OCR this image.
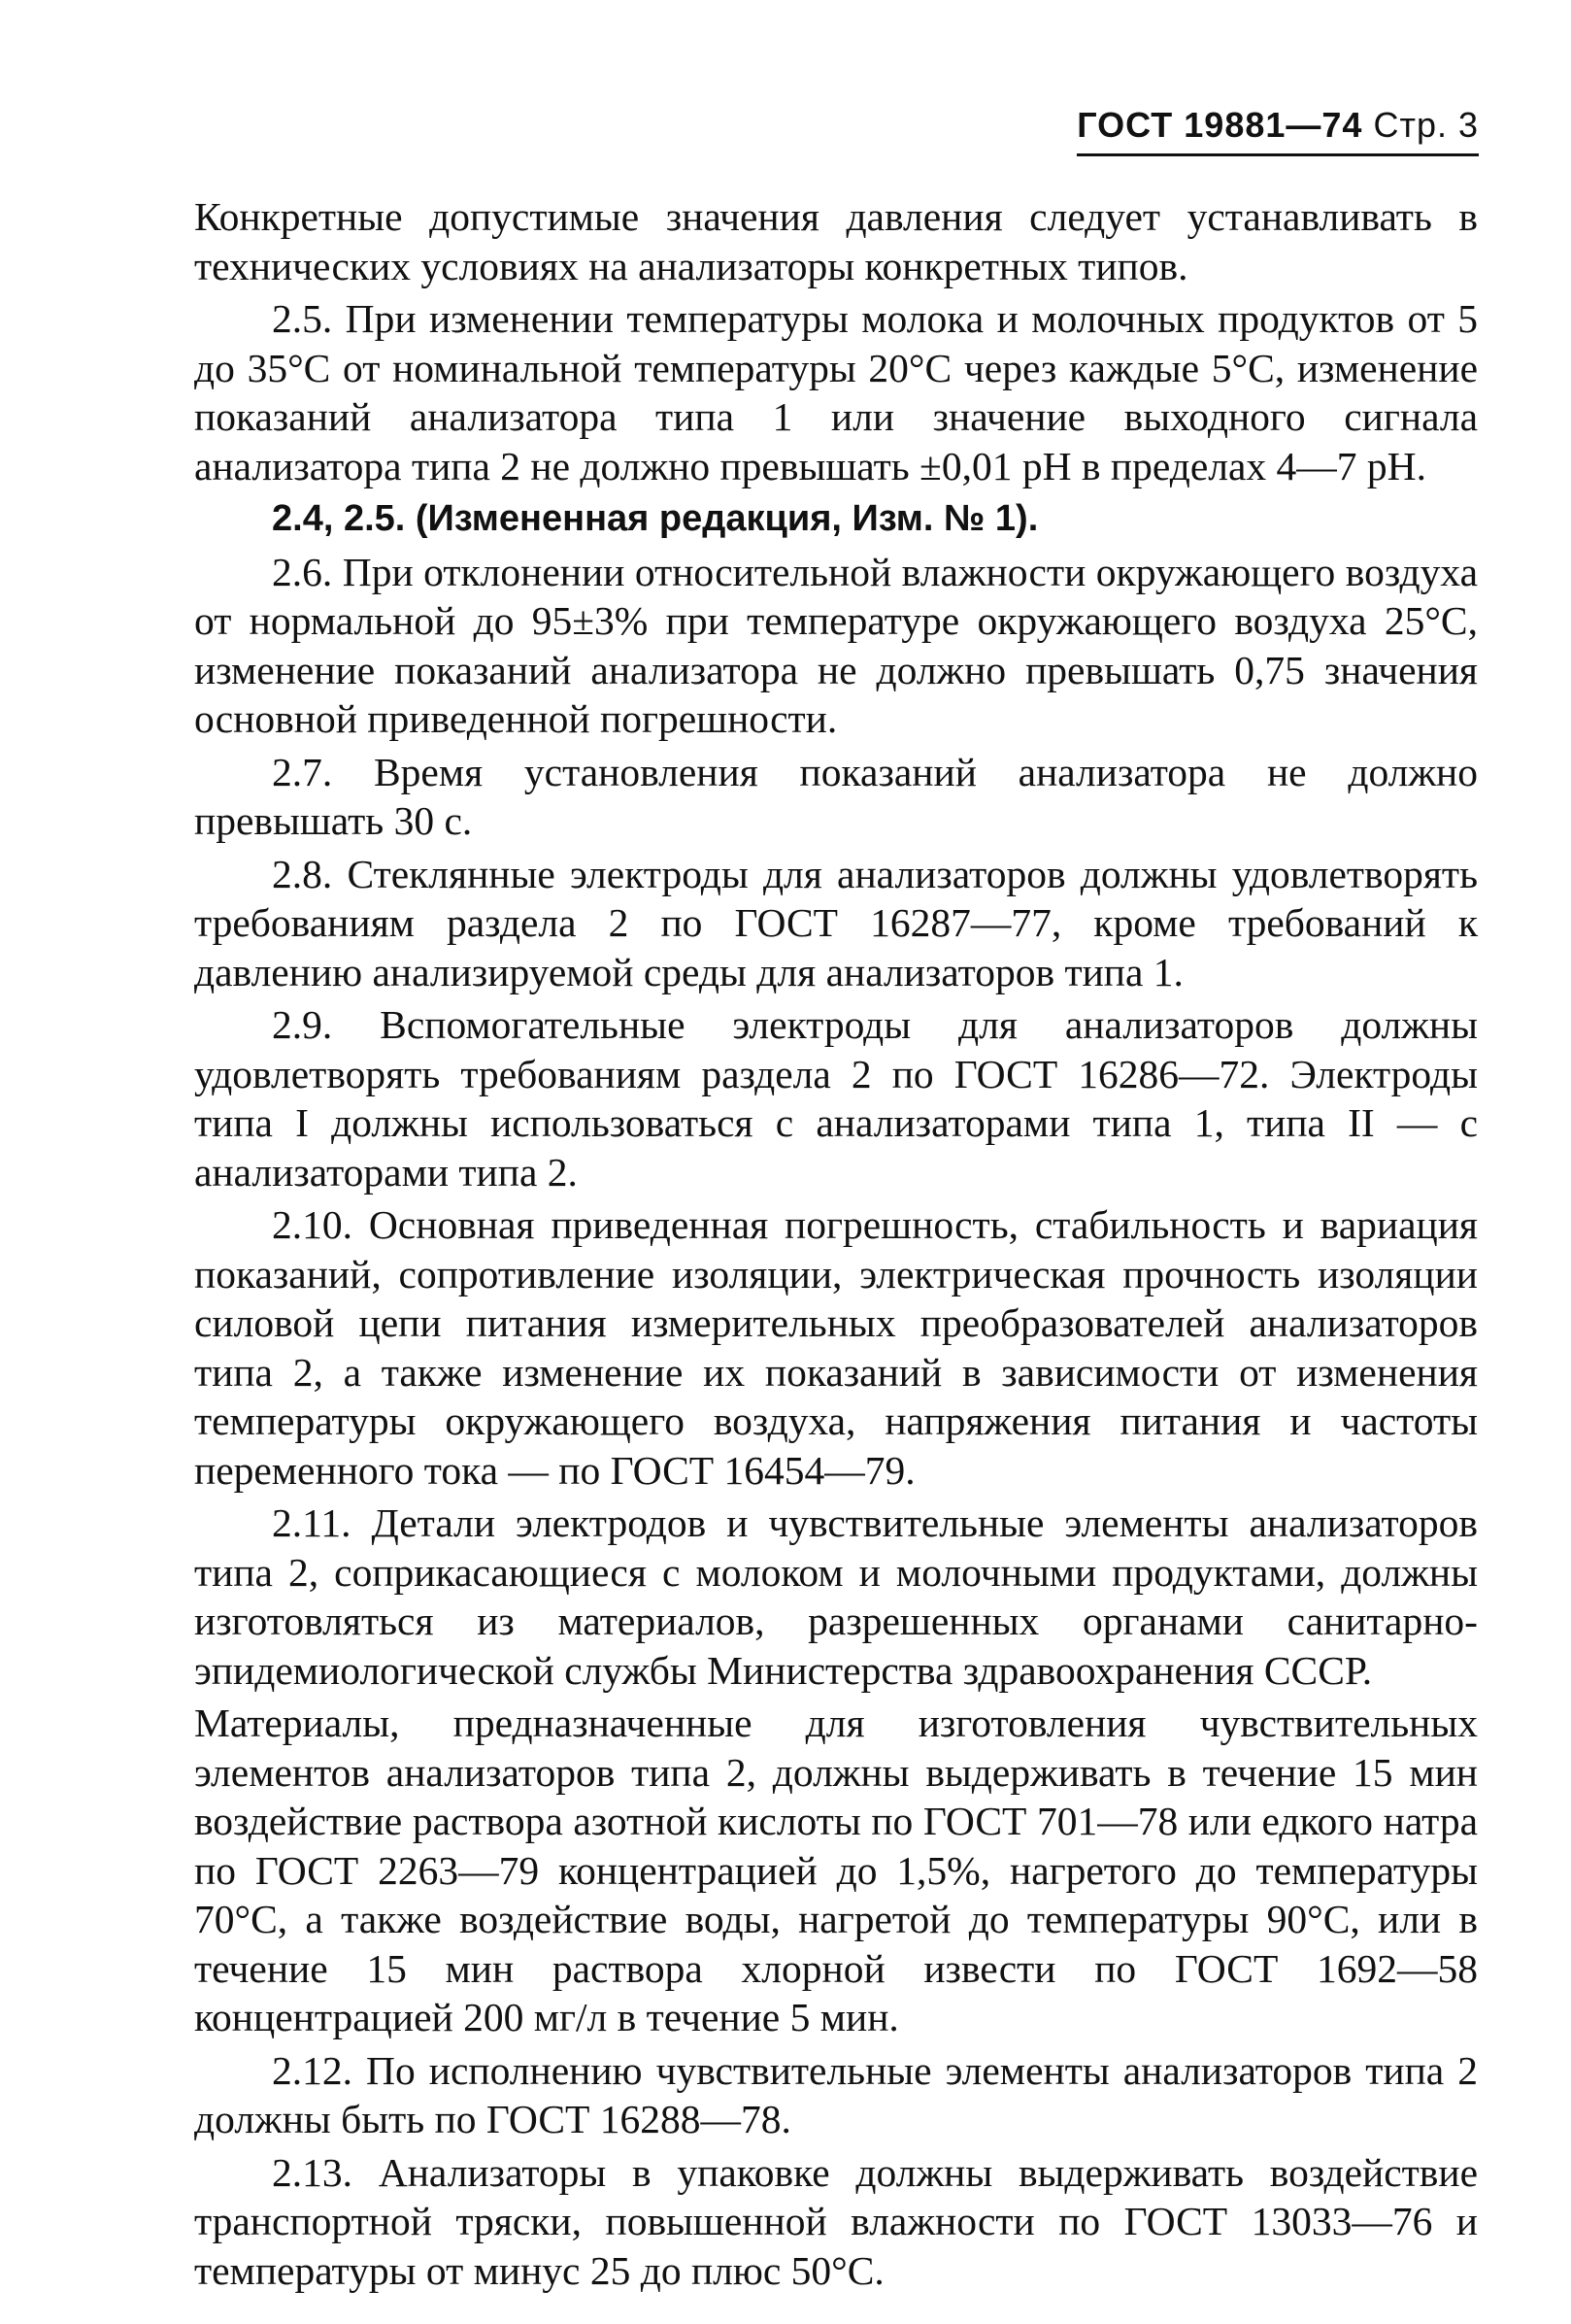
ГОСТ 19881—74 Стр. 3

Конкретные допустимые значения давления следует устанавливать в технических условиях на анализаторы конкретных типов.

2.5. При изменении температуры молока и молочных продуктов от 5 до 35°С от номинальной температуры 20°С через каждые 5°С, изменение показаний анализатора типа 1 или значение выходного сигнала анализатора типа 2 не должно превышать ±0,01 pH в пределах 4—7 pH.

2.4, 2.5. (Измененная редакция, Изм. № 1).

2.6. При отклонении относительной влажности окружающего воздуха от нормальной до 95±3% при температуре окружающего воздуха 25°С, изменение показаний анализатора не должно превышать 0,75 значения основной приведенной погрешности.

2.7. Время установления показаний анализатора не должно превышать 30 с.

2.8. Стеклянные электроды для анализаторов должны удовлетворять требованиям раздела 2 по ГОСТ 16287—77, кроме требований к давлению анализируемой среды для анализаторов типа 1.

2.9. Вспомогательные электроды для анализаторов должны удовлетворять требованиям раздела 2 по ГОСТ 16286—72. Электроды типа I должны использоваться с анализаторами типа 1, типа II — с анализаторами типа 2.

2.10. Основная приведенная погрешность, стабильность и вариация показаний, сопротивление изоляции, электрическая прочность изоляции силовой цепи питания измерительных преобразователей анализаторов типа 2, а также изменение их показаний в зависимости от изменения температуры окружающего воздуха, напряжения питания и частоты переменного тока — по ГОСТ 16454—79.

2.11. Детали электродов и чувствительные элементы анализаторов типа 2, соприкасающиеся с молоком и молочными продуктами, должны изготовляться из материалов, разрешенных органами санитарно-эпидемиологической службы Министерства здравоохранения СССР.

Материалы, предназначенные для изготовления чувствительных элементов анализаторов типа 2, должны выдерживать в течение 15 мин воздействие раствора азотной кислоты по ГОСТ 701—78 или едкого натра по ГОСТ 2263—79 концентрацией до 1,5%, нагретого до температуры 70°С, а также воздействие воды, нагретой до температуры 90°С, или в течение 15 мин раствора хлорной извести по ГОСТ 1692—58 концентрацией 200 мг/л в течение 5 мин.

2.12. По исполнению чувствительные элементы анализаторов типа 2 должны быть по ГОСТ 16288—78.

2.13. Анализаторы в упаковке должны выдерживать воздействие транспортной тряски, повышенной влажности по ГОСТ 13033—76 и температуры от минус 25 до плюс 50°С.
